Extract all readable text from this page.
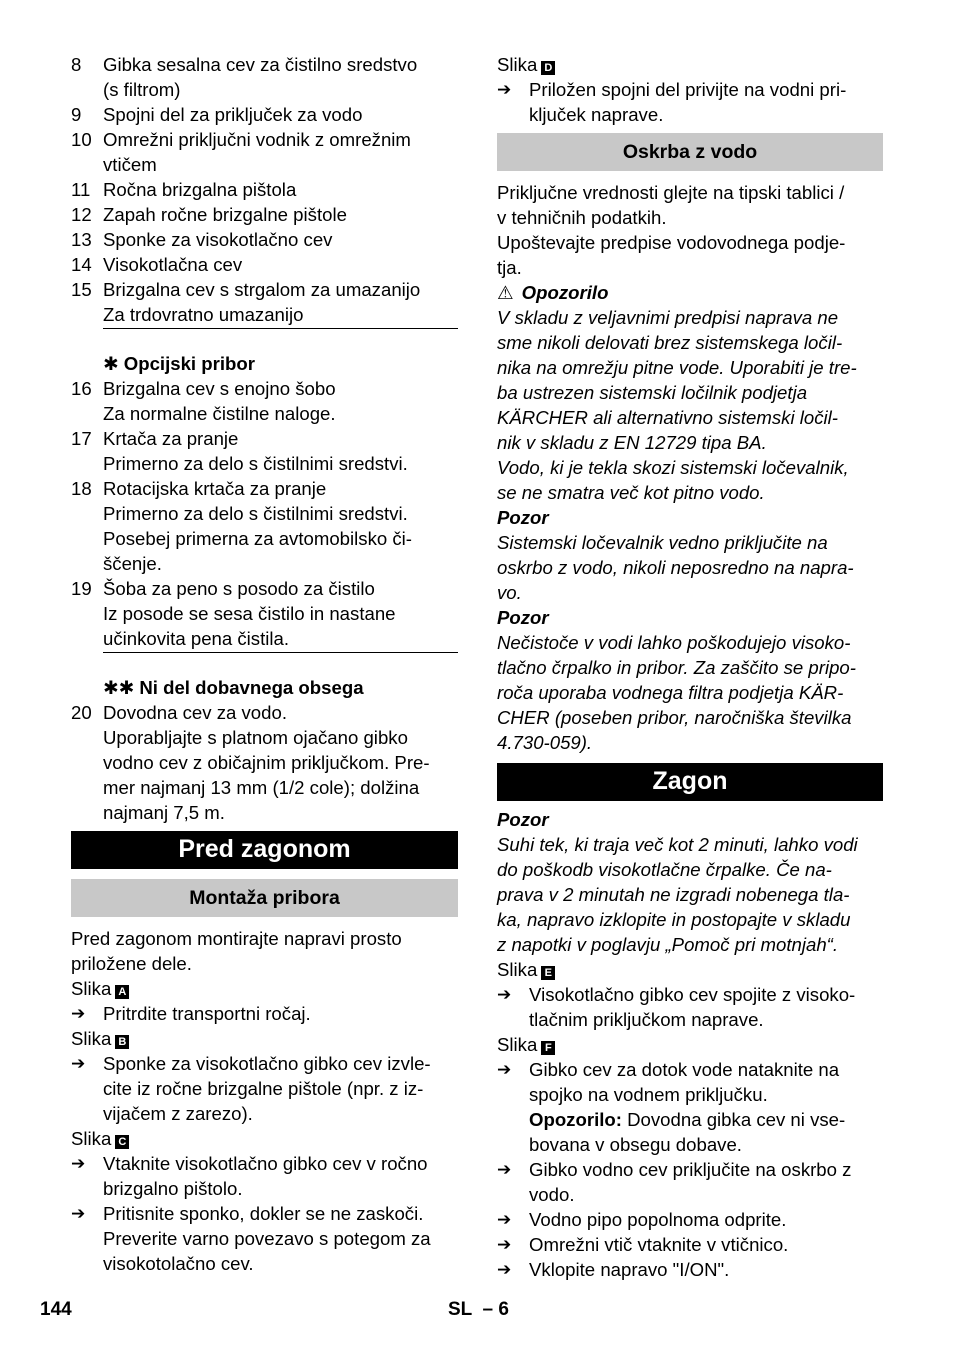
8	Gibka sesalna cev za čistilno sredstvo
(s filtrom)
9	Spojni del za priključek za vodo
10 Omrežni priključni vodnik z omrežnim
vtičem
11 Ročna brizgalna pištola
12 Zapah ročne brizgalne pištole
13 Sponke za visokotlačno cev
14 Visokotlačna cev
15 Brizgalna cev s strgalom za umazanijo
Za trdovratno umazanijo
✱ Opcijski pribor
16 Brizgalna cev s enojno šobo
Za normalne čistilne naloge.
17 Krtača za pranje
Primerno za delo s čistilnimi sredstvi.
18 Rotacijska krtača za pranje
Primerno za delo s čistilnimi sredstvi.
Posebej primerna za avtomobilsko či-
ščenje.
19 Šoba za peno s posodo za čistilo
Iz posode se sesa čistilo in nastane
učinkovita pena čistila.
✱✱ Ni del dobavnega obsega
20 Dovodna cev za vodo.
Uporabljajte s platnom ojačano gibko
vodno cev z običajnim priključkom. Pre-
mer najmanj 13 mm (1/2 cole); dolžina
najmanj 7,5 m.
Pred zagonom
Montaža pribora
Pred zagonom montirajte napravi prosto
priložene dele.
Slika A
➔ Pritrdite transportni ročaj.
Slika B
➔ Sponke za visokotlačno gibko cev izvle-
cite iz ročne brizgalne pištole (npr. z iz-
vijačem z zarezo).
Slika C
➔ Vtaknite visokotlačno gibko cev v ročno
brizgalno pištolo.
➔ Pritisnite sponko, dokler se ne zaskoči.
Preverite varno povezavo s potegom za
visokotolačno cev.
Slika D
➔ Priložen spojni del privijte na vodni pri-
ključek naprave.
Oskrba z vodo
Priključne vrednosti glejte na tipski tablici /
v tehničnih podatkih.
Upoštevajte predpise vodovodnega podje-
tja.
⚠ Opozorilo
V skladu z veljavnimi predpisi naprava ne
sme nikoli delovati brez sistemskega ločil-
nika na omrežju pitne vode. Uporabiti je tre-
ba ustrezen sistemski ločilnik podjetja
KÄRCHER ali alternativno sistemski ločil-
nik v skladu z EN 12729 tipa BA.
Vodo, ki je tekla skozi sistemski ločevalnik,
se ne smatra več kot pitno vodo.
Pozor
Sistemski ločevalnik vedno priključite na
oskrbo z vodo, nikoli neposredno na napra-
vo.
Pozor
Nečistoče v vodi lahko poškodujejo visoko-
tlačno črpalko in pribor. Za zaščito se pripo-
roča uporaba vodnega filtra podjetja KÄR-
CHER (poseben pribor, naročniška številka
4.730-059).
Zagon
Pozor
Suhi tek, ki traja več kot 2 minuti, lahko vodi
do poškodb visokotlačne črpalke. Če na-
prava v 2 minutah ne izgradi nobenega tla-
ka, napravo izklopite in postopajte v skladu
z napotki v poglavju „Pomoč pri motnjah“.
Slika E
➔ Visokotlačno gibko cev spojite z visoko-
tlačnim priključkom naprave.
Slika F
➔ Gibko cev za dotok vode nataknite na
spojko na vodnem priključku.
Opozorilo: Dovodna gibka cev ni vse-
bovana v obsegu dobave.
➔ Gibko vodno cev priključite na oskrbo z
vodo.
➔ Vodno pipo popolnoma odprite.
➔ Omrežni vtič vtaknite v vtičnico.
➔ Vklopite napravo "I/ON".
144	SL  – 6
